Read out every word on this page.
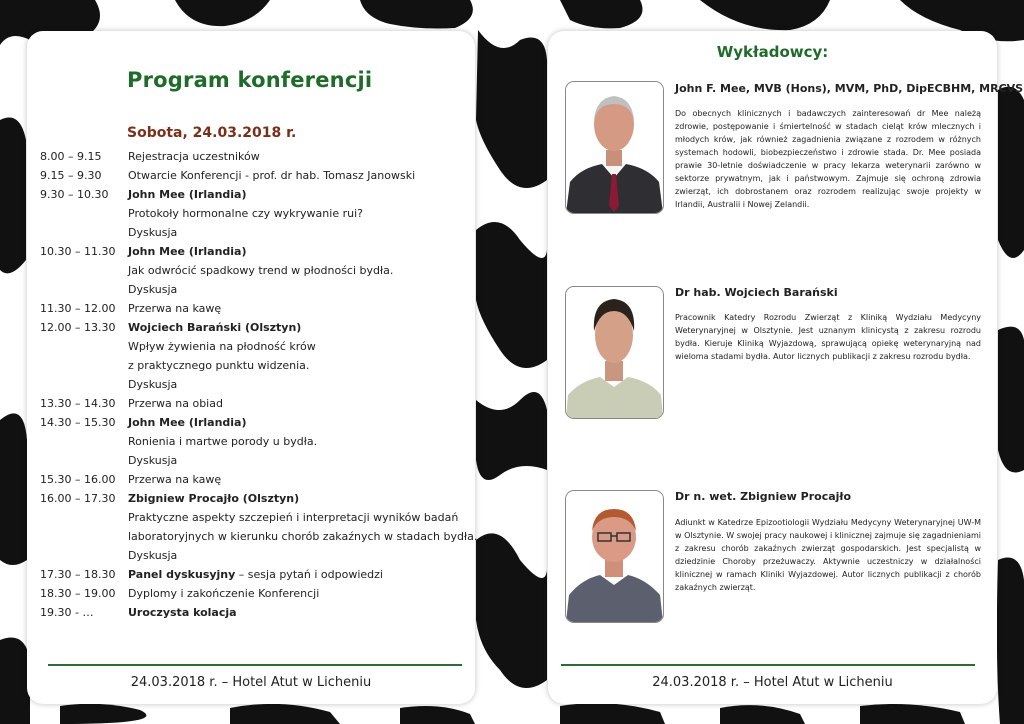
Program konferencji
Sobota, 24.03.2018 r.
8.00 – 9.15	Rejestracja uczestników
9.15 – 9.30	Otwarcie Konferencji - prof. dr hab. Tomasz Janowski
9.30 – 10.30	John Mee (Irlandia)
Protokoły hormonalne czy wykrywanie rui?
Dyskusja
10.30 – 11.30	John Mee (Irlandia)
Jak odwrócić spadkowy trend w płodności bydła.
Dyskusja
11.30 – 12.00	Przerwa na kawę
12.00 – 13.30	Wojciech Barański (Olsztyn)
Wpływ żywienia na płodność krów
z praktycznego punktu widzenia.
Dyskusja
13.30 – 14.30	Przerwa na obiad
14.30 – 15.30	John Mee (Irlandia)
Ronienia i martwe porody u bydła.
Dyskusja
15.30 – 16.00	Przerwa na kawę
16.00 – 17.30	Zbigniew Procajło (Olsztyn)
Praktyczne aspekty szczepień i interpretacji wyników badań
laboratoryjnych w kierunku chorób zakaźnych w stadach bydła.
Dyskusja
17.30 – 18.30	Panel dyskusyjny – sesja pytań i odpowiedzi
18.30 – 19.00	Dyplomy i zakończenie Konferencji
19.30 - …	Uroczysta kolacja
24.03.2018 r. – Hotel Atut w Licheniu
Wykładowcy:
John F. Mee, MVB (Hons), MVM, PhD, DipECBHM, MRCVS
Do obecnych klinicznych i badawczych zainteresowań dr Mee należą zdrowie, postępowanie i śmiertelność w stadach cieląt krów mlecznych i młodych krów, jak również zagadnienia związane z rozrodem w różnych systemach hodowli, biobezpieczeństwo i zdrowie stada. Dr. Mee posiada prawie 30-letnie doświadczenie w pracy lekarza weterynarii zarówno w sektorze prywatnym, jak i państwowym. Zajmuje się ochroną zdrowia zwierząt, ich dobrostanem oraz rozrodem realizując swoje projekty w Irlandii, Australii i Nowej Zelandii.
Dr hab. Wojciech Barański
Pracownik Katedry Rozrodu Zwierząt z Kliniką Wydziału Medycyny Weterynaryjnej w Olsztynie. Jest uznanym klinicystą z zakresu rozrodu bydła. Kieruje Kliniką Wyjazdową, sprawującą opiekę weterynaryjną nad wieloma stadami bydła. Autor licznych publikacji z zakresu rozrodu bydła.
Dr n. wet. Zbigniew Procajło
Adiunkt w Katedrze Epizootiologii Wydziału Medycyny Weterynaryjnej UW-M w Olsztynie. W swojej pracy naukowej i klinicznej zajmuje się zagadnieniami z zakresu chorób zakaźnych zwierząt gospodarskich. Jest specjalistą w dziedzinie Choroby przeżuwaczy. Aktywnie uczestniczy w działalności klinicznej w ramach Kliniki Wyjazdowej. Autor licznych publikacji z chorób zakaźnych zwierząt.
24.03.2018 r. – Hotel Atut w Licheniu
